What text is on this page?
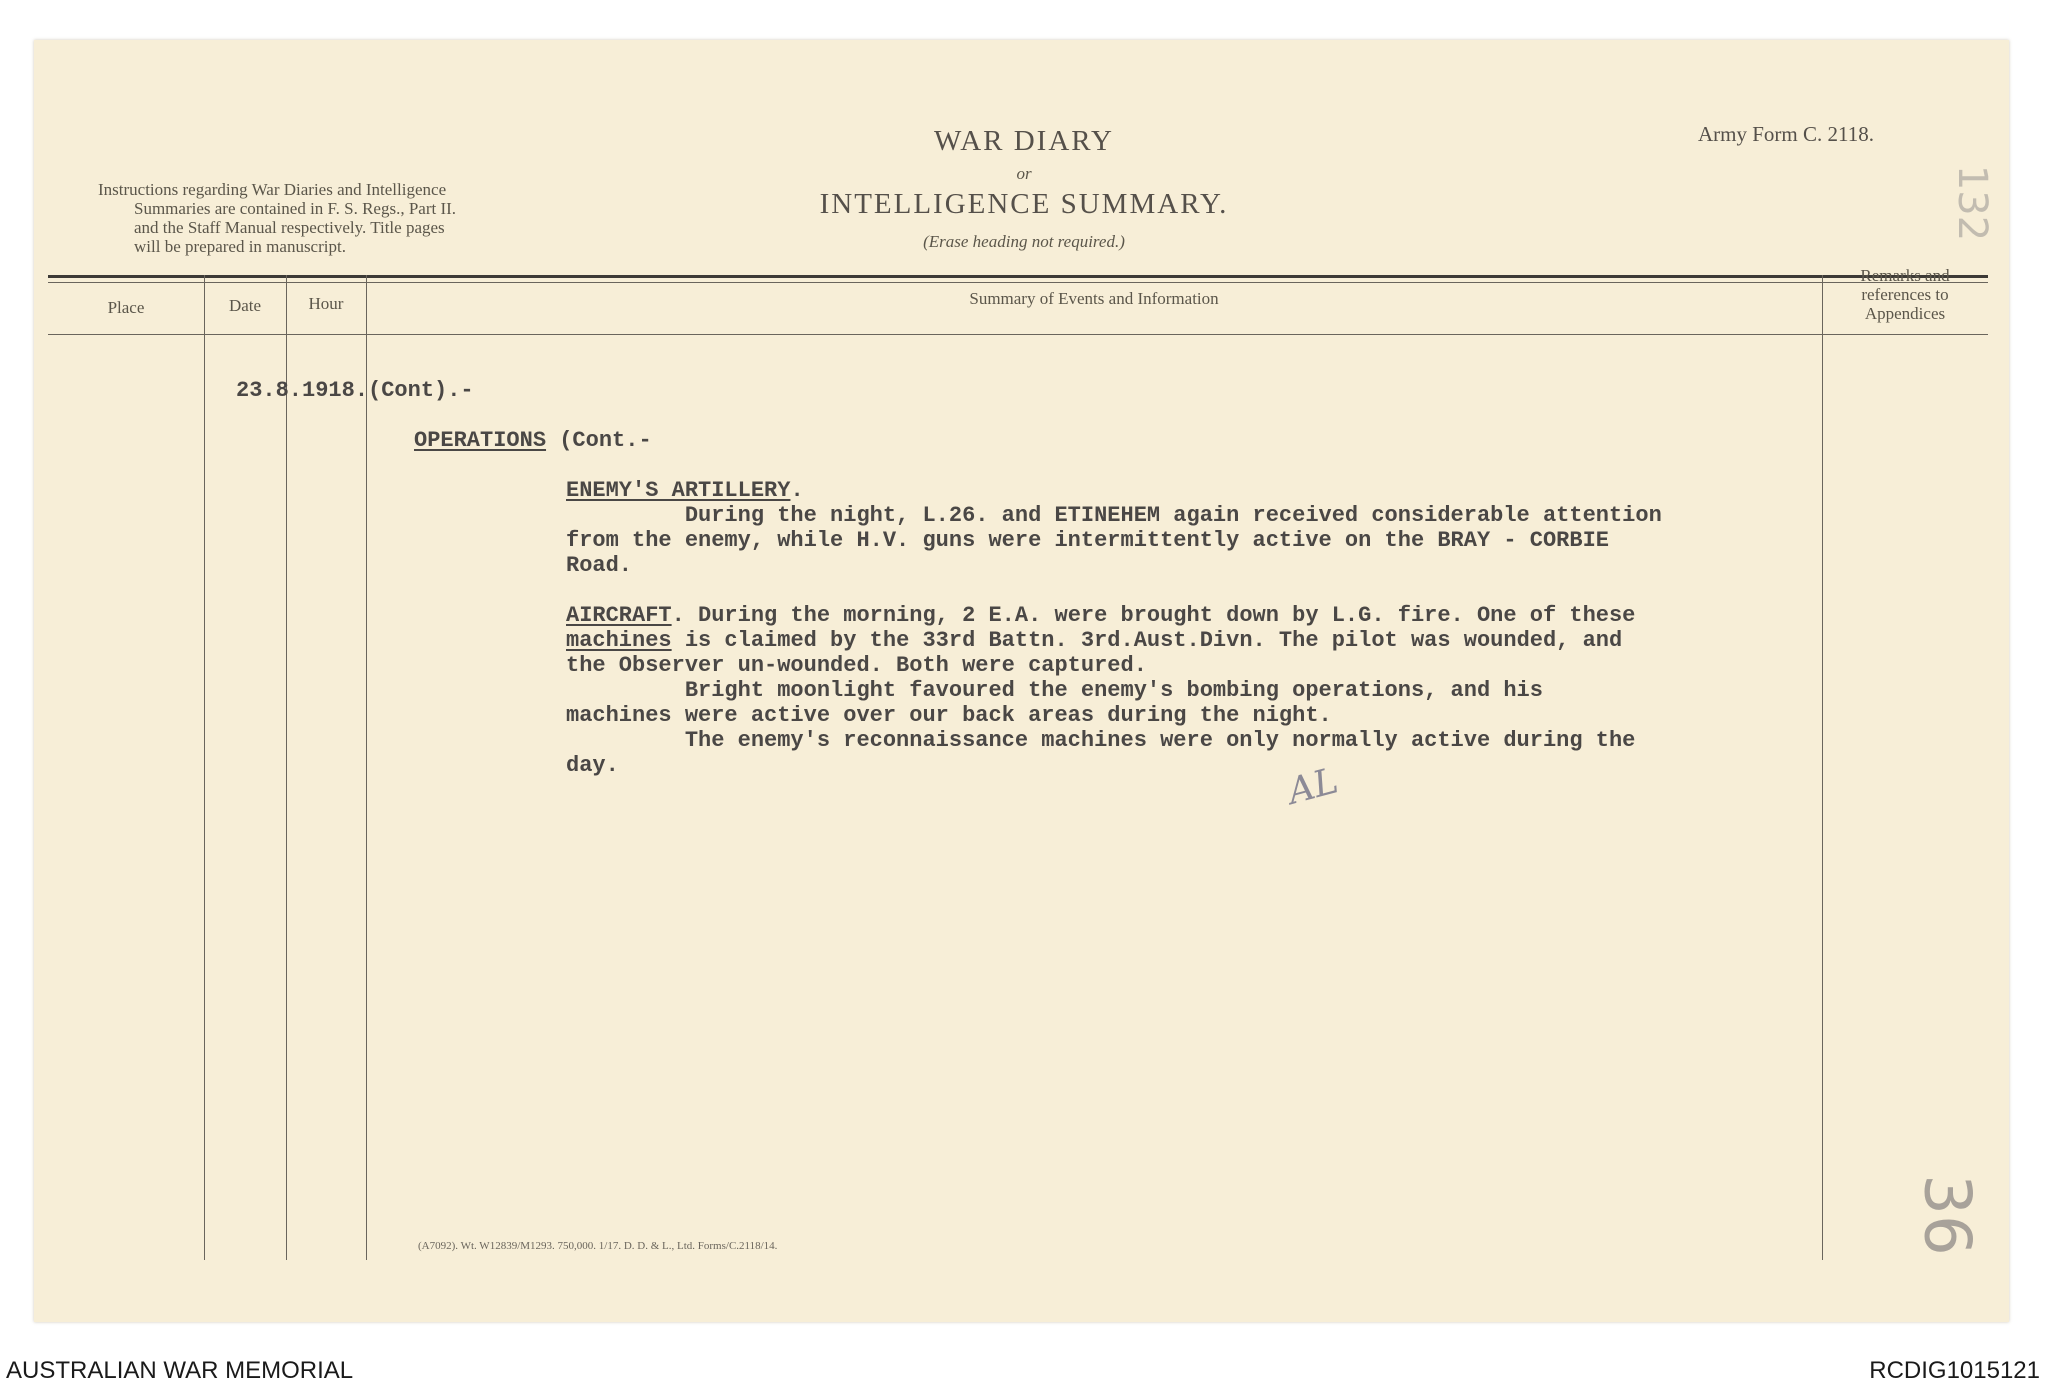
Instructions regarding War Diaries and Intelligence
Summaries are contained in F. S. Regs., Part II.
and the Staff Manual respectively. Title pages
will be prepared in manuscript.
WAR DIARY
or
INTELLIGENCE SUMMARY.
(Erase heading not required.)
Army Form C. 2118.
132
Place	Date	Hour	Summary of Events and Information
Remarks and
references to
Appendices
23.8.1918.(Cont).-
OPERATIONS (Cont.-
ENEMY'S ARTILLERY.
During the night, L.26. and ETINEHEM again received considerable attention
from the enemy, while H.V. guns were intermittently active on the BRAY - CORBIE
Road.
AIRCRAFT. During the morning, 2 E.A. were brought down by L.G. fire. One of these
machines is claimed by the 33rd Battn. 3rd.Aust.Divn. The pilot was wounded, and
the Observer un-wounded. Both were captured.
Bright moonlight favoured the enemy's bombing operations, and his
machines were active over our back areas during the night.
The enemy's reconnaissance machines were only normally active during the
day.	AL
36
(A7092). Wt. W12839/M1293. 750,000. 1/17. D. D. & L., Ltd. Forms/C.2118/14.
AUSTRALIAN WAR MEMORIAL	RCDIG1015121
